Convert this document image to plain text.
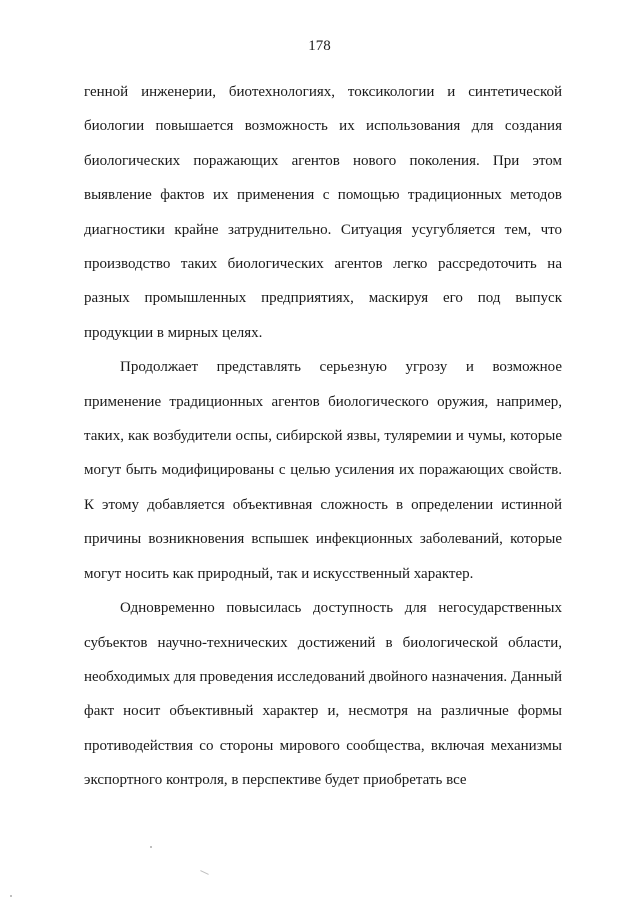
178

генной инженерии, биотехнологиях, токсикологии и синтетической биологии повышается возможность их использования для создания биологических поражающих агентов нового поколения. При этом выявление фактов их применения с помощью традиционных методов диагностики крайне затруднительно. Ситуация усугубляется тем, что производство таких биологических агентов легко рассредоточить на разных промышленных предприятиях, маскируя его под выпуск продукции в мирных целях.

Продолжает представлять серьезную угрозу и возможное применение традиционных агентов биологического оружия, например, таких, как возбудители оспы, сибирской язвы, туляремии и чумы, которые могут быть модифицированы с целью усиления их поражающих свойств. К этому добавляется объективная сложность в определении истинной причины возникновения вспышек инфекционных заболеваний, которые могут носить как природный, так и искусственный характер.

Одновременно повысилась доступность для негосударственных субъектов научно-технических достижений в биологической области, необходимых для проведения исследований двойного назначения. Данный факт носит объективный характер и, несмотря на различные формы противодействия со стороны мирового сообщества, включая механизмы экспортного контроля, в перспективе будет приобретать все
